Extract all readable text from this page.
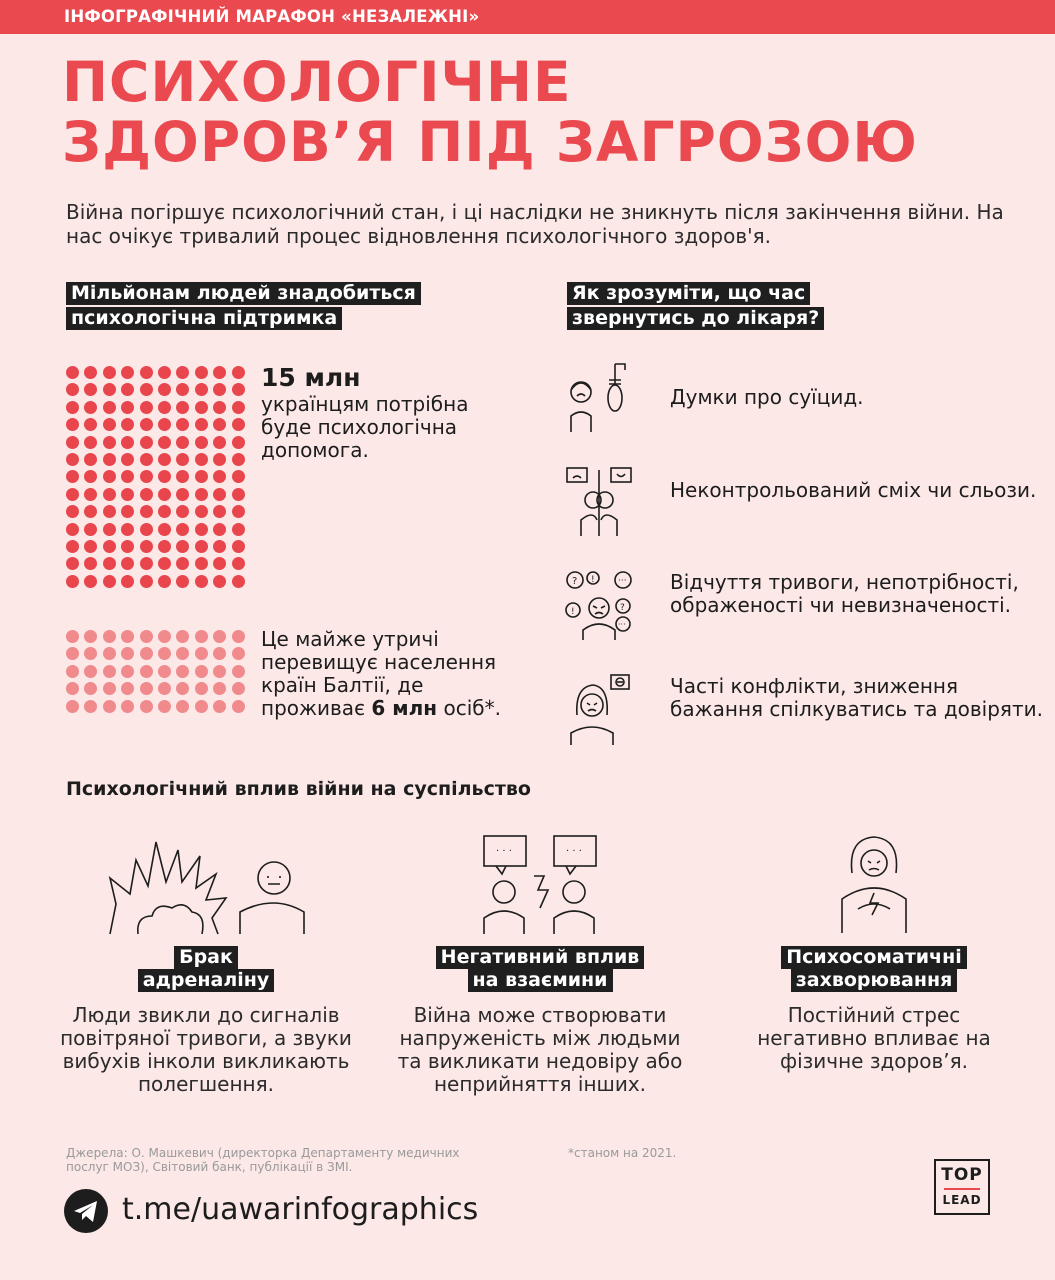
ІНФОГРАФІЧНИЙ МАРАФОН «НЕЗАЛЕЖНІ»
ПСИХОЛОГІЧНЕ
ЗДОРОВ’Я ПІД ЗАГРОЗОЮ
Війна погіршує психологічний стан, і ці наслідки не зникнуть після закінчення війни. На нас очікує тривалий процес відновлення психологічного здоров'я.
Мільйонам людей знадобиться
психологічна підтримка
15 млн
українцям потрібна буде психологічна допомога.
Це майже утричі перевищує населення країн Балтії, де проживає 6 млн осіб*.
Як зрозуміти, що час
звернутись до лікаря?
Думки про суїцид.
Неконтрольований сміх чи сльози.
? !	···
!	?
···
Відчуття тривоги, непотрібності, ображеності чи невизначеності.
Часті конфлікти, зниження бажання спілкуватись та довіряти.
Психологічний вплив війни на суспільство
Брак
адреналіну
Люди звикли до сигналів повітряної тривоги, а звуки вибухів інколи викликають полегшення.
· · ·	· · ·
Негативний вплив
на взаємини
Війна може створювати напруженість між людьми та викликати недовіру або неприйняття інших.
Психосоматичні
захворювання
Постійний стрес негативно впливає на фізичне здоров’я.
Джерела: О. Машкевич (директорка Департаменту медичних послуг МОЗ), Світовий банк, публікації в ЗМІ.
*станом на 2021.
t.me/uawarinfographics
TOP
LEAD
